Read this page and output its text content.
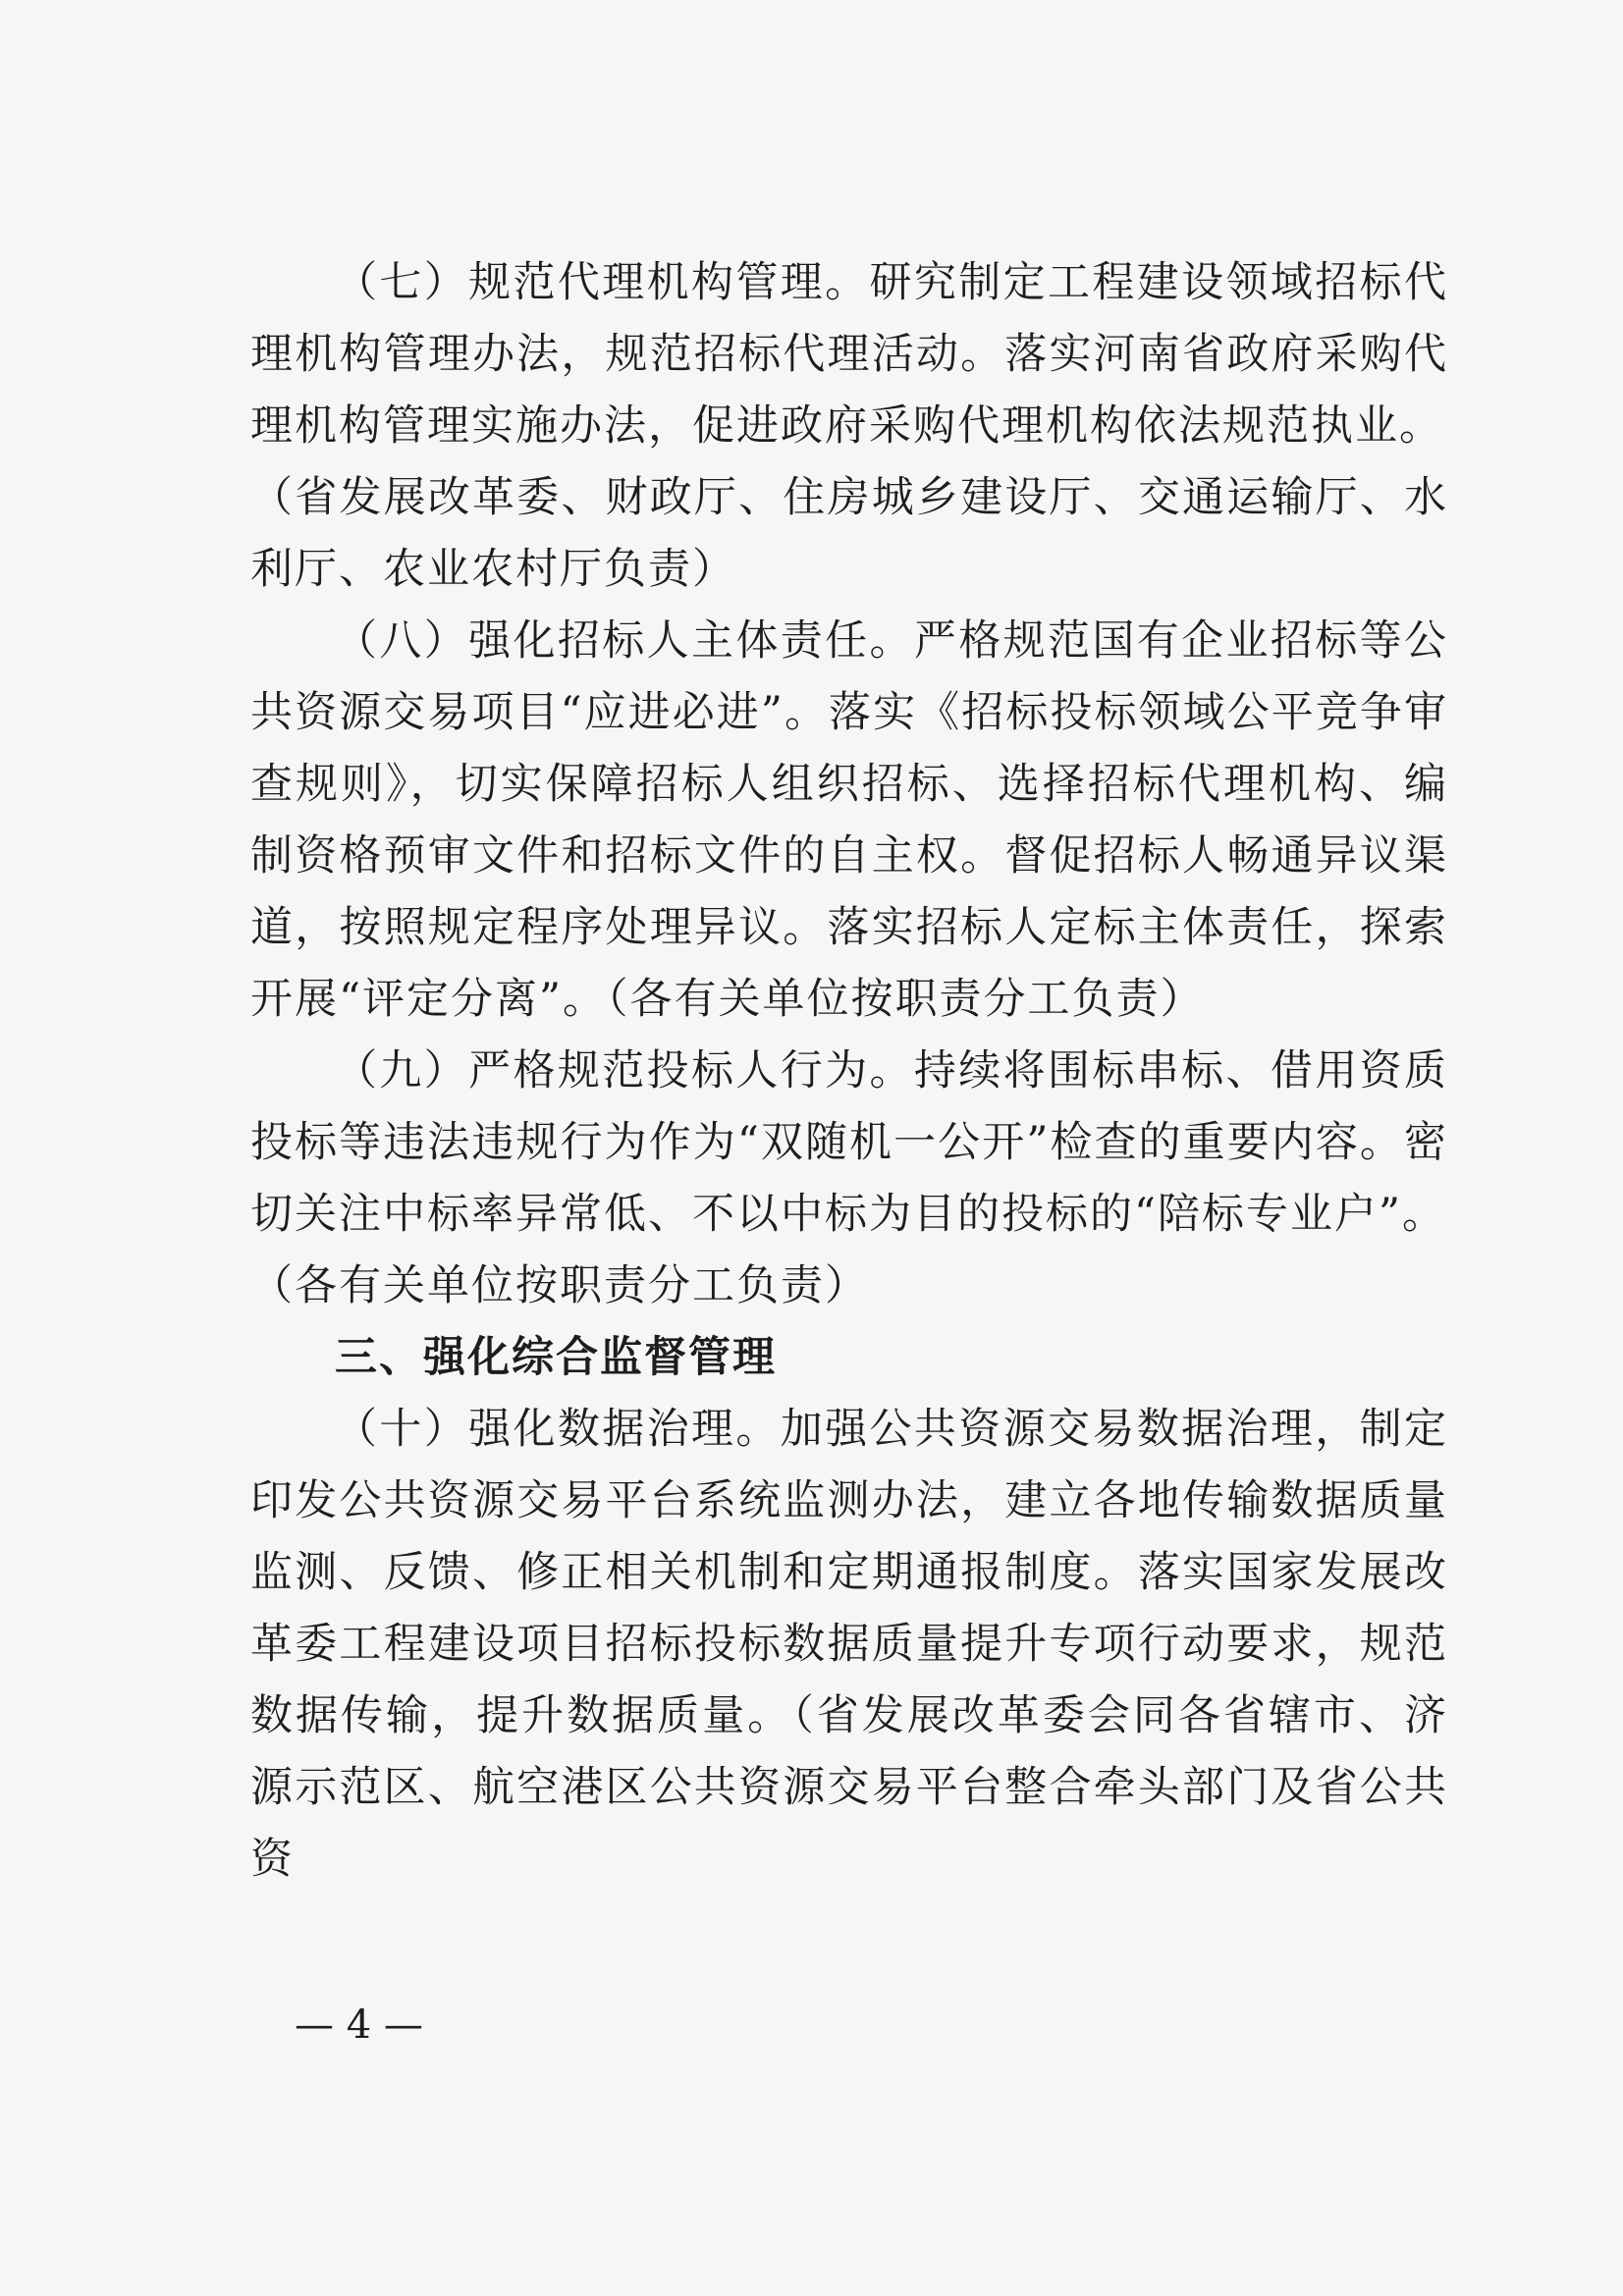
（七）规范代理机构管理。研究制定工程建设领域招标代理机构管理办法，规范招标代理活动。落实河南省政府采购代理机构管理实施办法，促进政府采购代理机构依法规范执业。

（省发展改革委、财政厅、住房城乡建设厅、交通运输厅、水利厅、农业农村厅负责）

（八）强化招标人主体责任。严格规范国有企业招标等公共资源交易项目“应进必进”。落实《招标投标领域公平竞争审查规则》，切实保障招标人组织招标、选择招标代理机构、编制资格预审文件和招标文件的自主权。督促招标人畅通异议渠道，按照规定程序处理异议。落实招标人定标主体责任，探索开展“评定分离”。（各有关单位按职责分工负责）

（九）严格规范投标人行为。持续将围标串标、借用资质投标等违法违规行为作为“双随机一公开”检查的重要内容。密切关注中标率异常低、不以中标为目的投标的“陪标专业户”。

（各有关单位按职责分工负责）

三、强化综合监督管理

（十）强化数据治理。加强公共资源交易数据治理，制定印发公共资源交易平台系统监测办法，建立各地传输数据质量监测、反馈、修正相关机制和定期通报制度。落实国家发展改革委工程建设项目招标投标数据质量提升专项行动要求，规范数据传输，提升数据质量。（省发展改革委会同各省辖市、济源示范区、航空港区公共资源交易平台整合牵头部门及省公共资

— 4 —
